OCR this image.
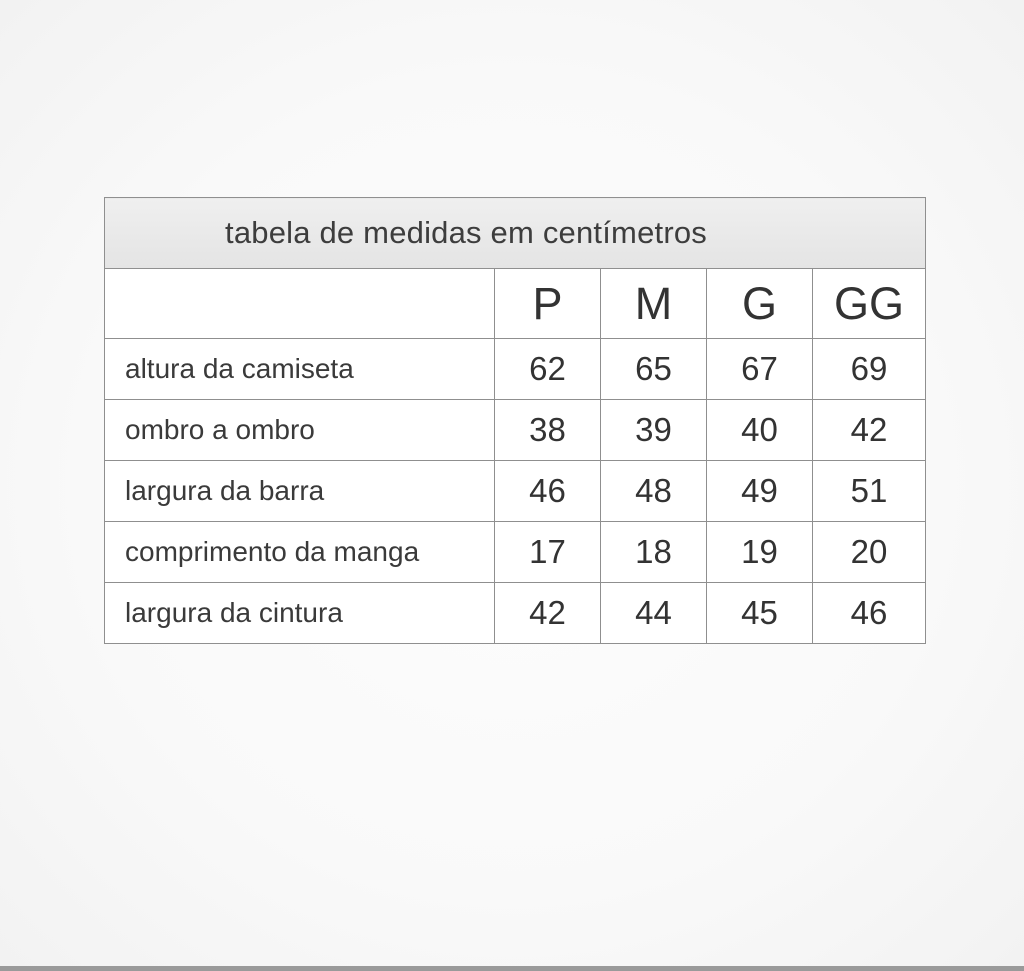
tabela de medidas em centímetros				
	P	M	G	GG
altura da camiseta	62	65	67	69
ombro a ombro	38	39	40	42
largura da barra	46	48	49	51
comprimento da manga	17	18	19	20
largura da cintura	42	44	45	46
